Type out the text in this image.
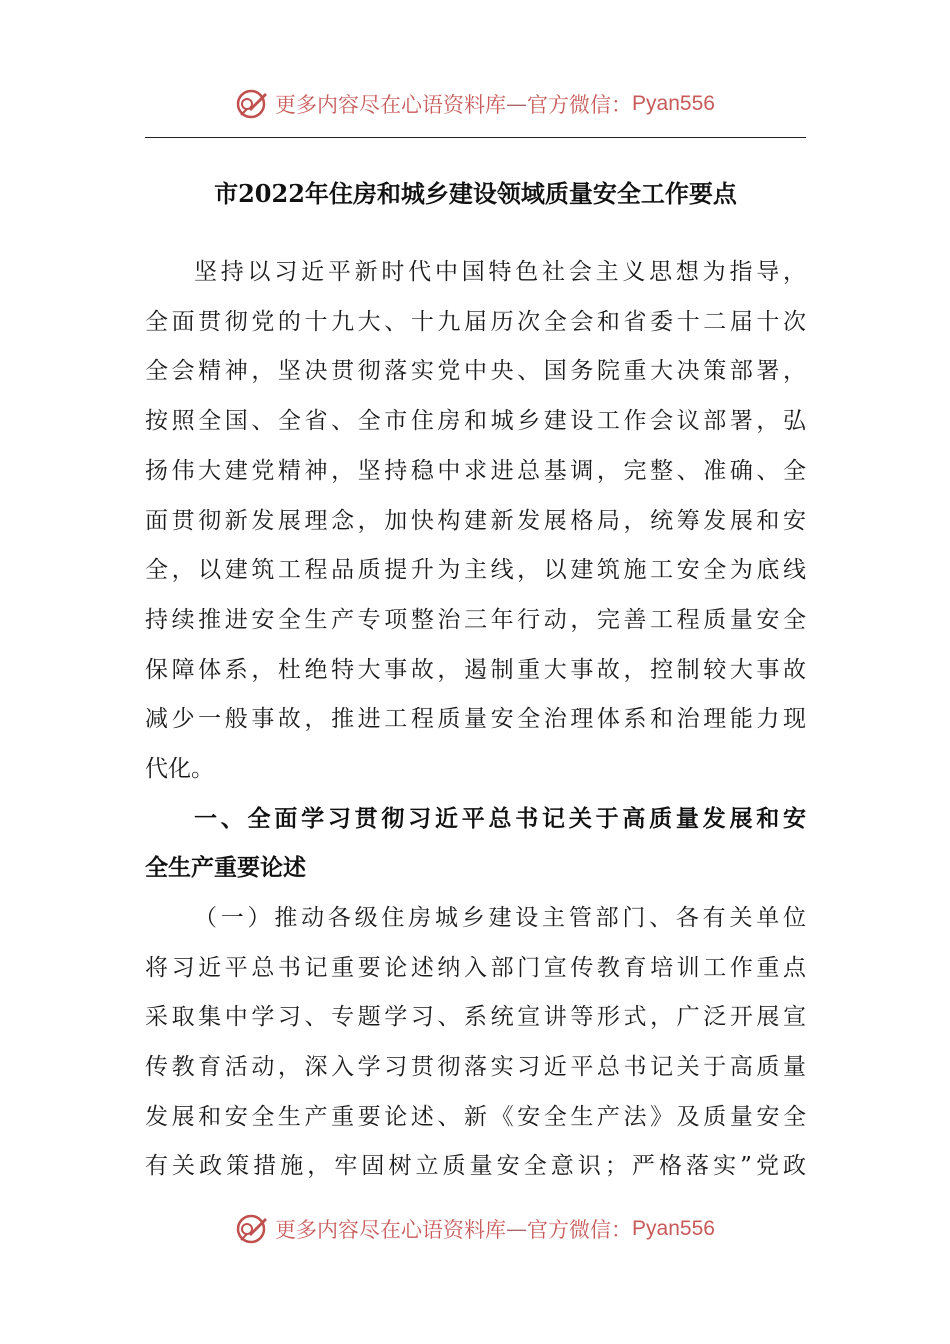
更多内容尽在心语资料库 — 官方微信： Pyan556
市2022年住房和城乡建设领域质量安全工作要点
坚持以习近平新时代中国特色社会主义思想为指导，
全面贯彻党的十九大、十九届历次全会和省委十二届十次
全会精神，坚决贯彻落实党中央、国务院重大决策部署，
按照全国、全省、全市住房和城乡建设工作会议部署，弘
扬伟大建党精神，坚持稳中求进总基调，完整、准确、全
面贯彻新发展理念，加快构建新发展格局，统筹发展和安
全，以建筑工程品质提升为主线，以建筑施工安全为底线
持续推进安全生产专项整治三年行动，完善工程质量安全
保障体系，杜绝特大事故，遏制重大事故，控制较大事故
减少一般事故，推进工程质量安全治理体系和治理能力现
代化。
一、全面学习贯彻习近平总书记关于高质量发展和安
全生产重要论述
（一）推动各级住房城乡建设主管部门、各有关单位
将习近平总书记重要论述纳入部门宣传教育培训工作重点
采取集中学习、专题学习、系统宣讲等形式，广泛开展宣
传教育活动，深入学习贯彻落实习近平总书记关于高质量
发展和安全生产重要论述、新《安全生产法》及质量安全
有关政策措施，牢固树立质量安全意识；严格落实”党政
更多内容尽在心语资料库 — 官方微信： Pyan556
